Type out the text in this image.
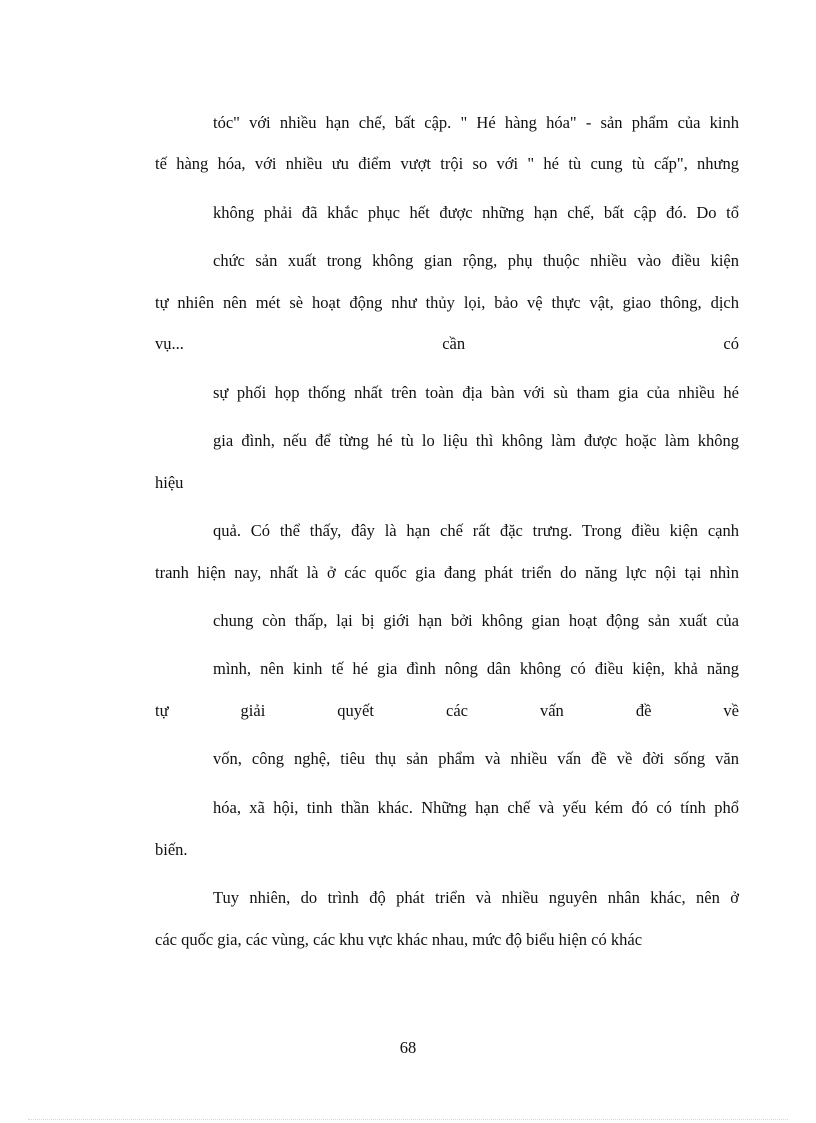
tóc" với nhiều hạn chế, bất cập. " Hé hàng hóa" - sản phẩm của kinh
tế hàng hóa, với nhiều ưu điểm vượt trội so với " hé tù cung tù cấp", nhưng
không phải đã khắc phục hết được những hạn chế, bất cập đó. Do tổ
chức sản xuất trong không gian rộng, phụ thuộc nhiều vào điều kiện
tự nhiên nên mét sè hoạt động như thủy lọi, bảo vệ thực vật, giao thông, dịch
vụ... cần có
sự phối họp thống nhất trên toàn địa bàn với sù tham gia của nhiều hé
gia đình, nếu để từng hé tù lo liệu thì không làm được hoặc làm không
hiệu
quả. Có thể thấy, đây là hạn chế rất đặc trưng. Trong điều kiện cạnh
tranh hiện nay, nhất là ở các quốc gia đang phát triển do năng lực nội tại nhìn
chung còn thấp, lại bị giới hạn bởi không gian hoạt động sản xuất của
mình, nên kinh tế hé gia đình nông dân không có điều kiện, khả năng
tự giải quyết các vấn đề về
vốn, công nghệ, tiêu thụ sản phẩm và nhiều vấn đề về đời sống văn
hóa, xã hội, tinh thần khác. Những hạn chế và yếu kém đó có tính phổ
biến.
Tuy nhiên, do trình độ phát triển và nhiều nguyên nhân khác, nên ở
các quốc gia, các vùng, các khu vực khác nhau, mức độ biểu hiện có khác
68
